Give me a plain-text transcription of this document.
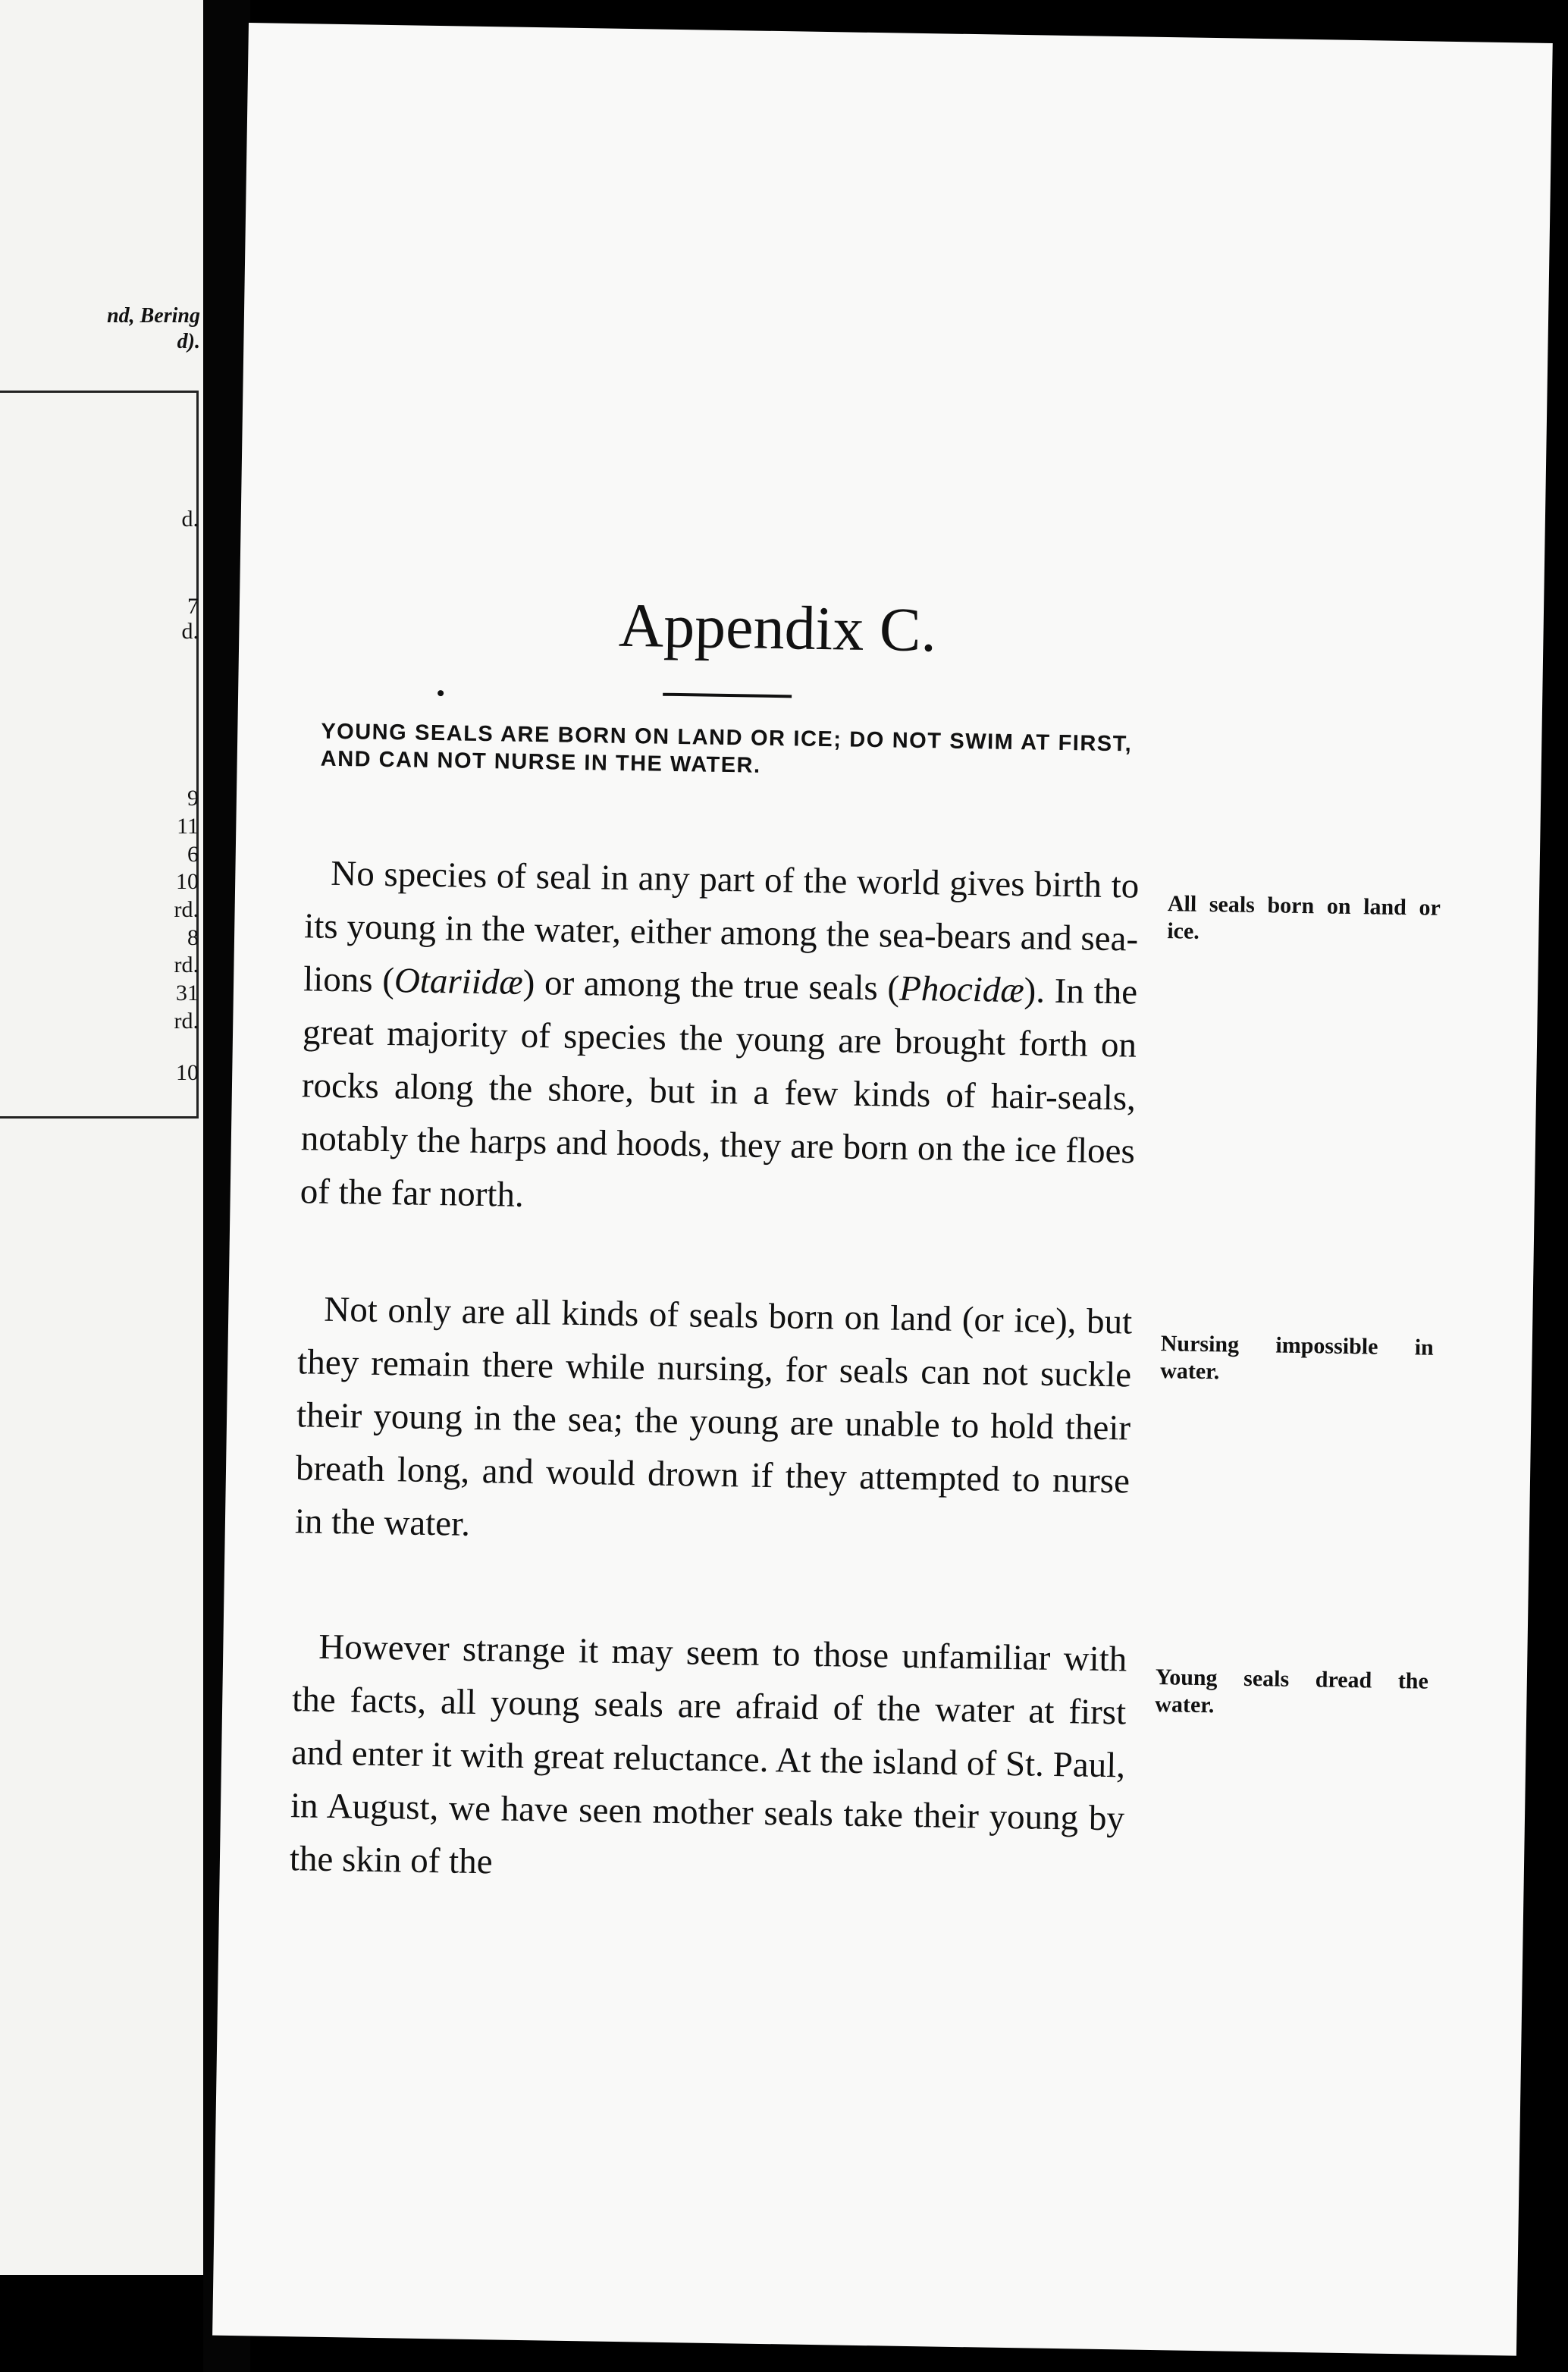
nd, Bering
d).
d.
7
d.
9
11
6
10
rd.
8
rd.
31
rd.
10
Appendix C.

YOUNG SEALS ARE BORN ON LAND OR ICE; DO NOT SWIM AT FIRST, AND CAN NOT NURSE IN THE WATER.

No species of seal in any part of the world gives birth to its young in the water, either among the sea-bears and sea-lions (Otariidæ) or among the true seals (Phocidæ). In the great majority of species the young are brought forth on rocks along the shore, but in a few kinds of hair-seals, notably the harps and hoods, they are born on the ice floes of the far north.

All seals born on land or ice.

Not only are all kinds of seals born on land (or ice), but they remain there while nursing, for seals can not suckle their young in the sea; the young are unable to hold their breath long, and would drown if they attempted to nurse in the water.

Nursing impossible in water.

However strange it may seem to those unfamiliar with the facts, all young seals are afraid of the water at first and enter it with great reluctance. At the island of St. Paul, in August, we have seen mother seals take their young by the skin of the

Young seals dread the water.
